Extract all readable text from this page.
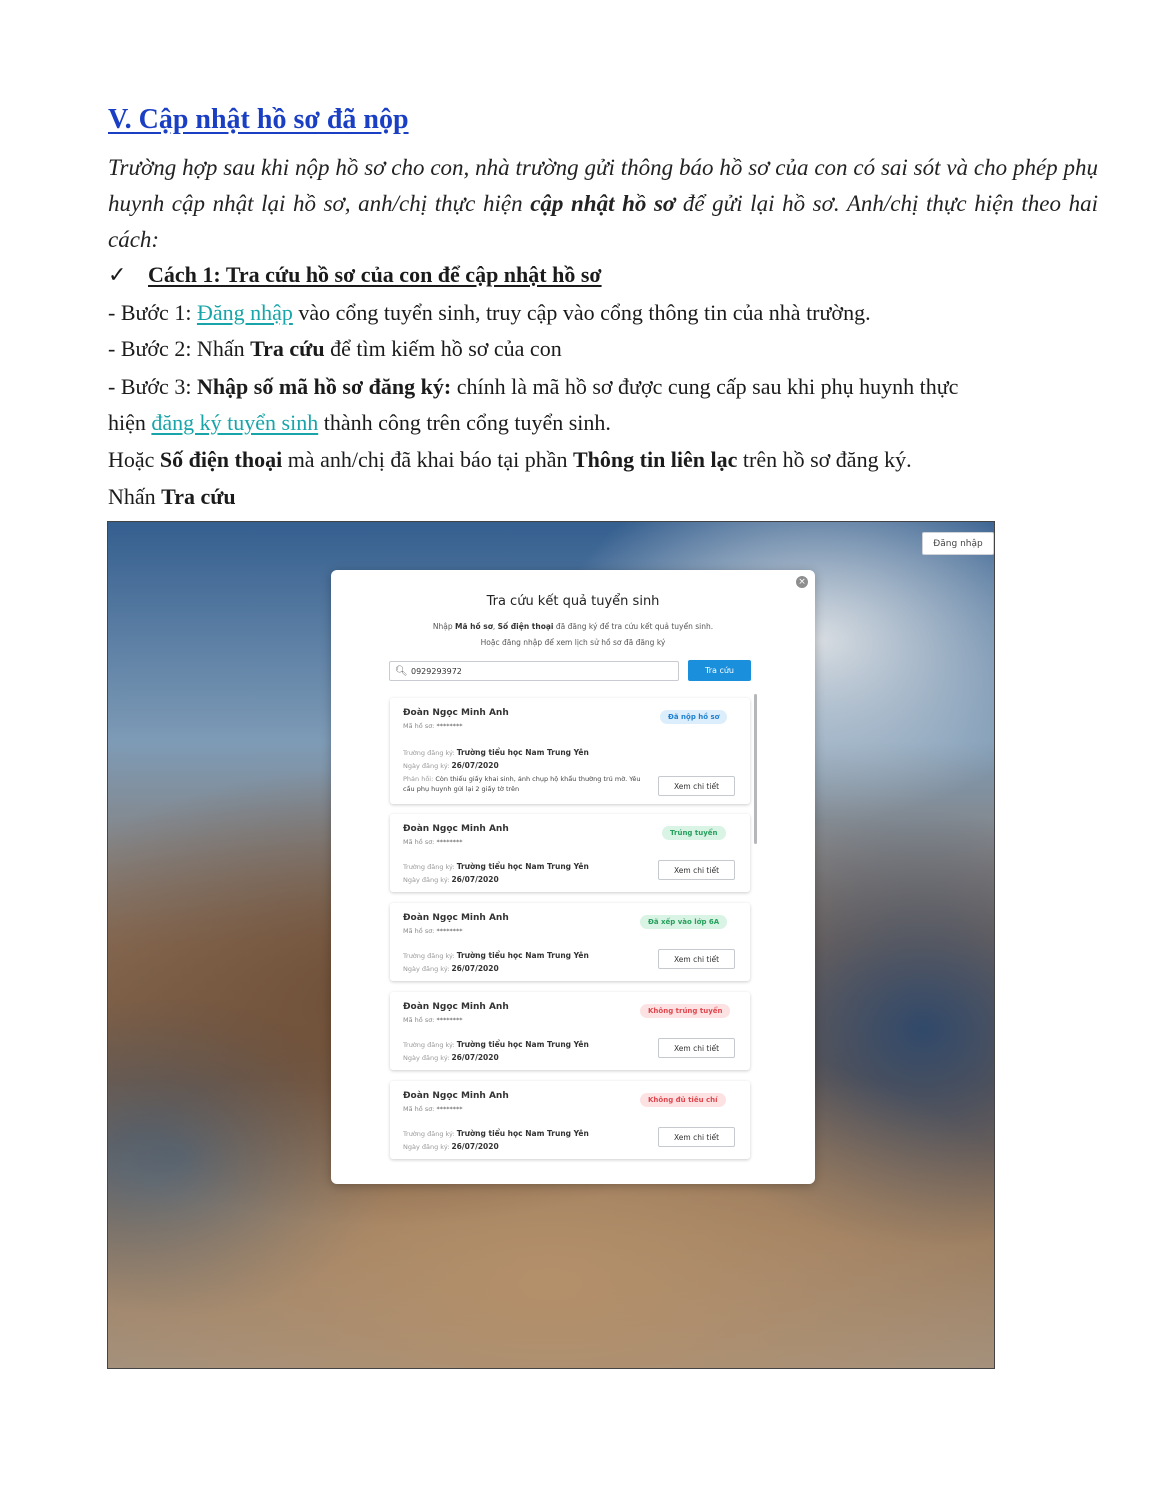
V. Cập nhật hồ sơ đã nộp

Trường hợp sau khi nộp hồ sơ cho con, nhà trường gửi thông báo hồ sơ của con có sai sót và cho phép phụ huynh cập nhật lại hồ sơ, anh/chị thực hiện cập nhật hồ sơ để gửi lại hồ sơ. Anh/chị thực hiện theo hai cách:

✓ Cách 1: Tra cứu hồ sơ của con để cập nhật hồ sơ
- Bước 1: Đăng nhập vào cổng tuyển sinh, truy cập vào cổng thông tin của nhà trường.
- Bước 2: Nhấn Tra cứu để tìm kiếm hồ sơ của con
- Bước 3: Nhập số mã hồ sơ đăng ký: chính là mã hồ sơ được cung cấp sau khi phụ huynh thực
hiện đăng ký tuyển sinh thành công trên cổng tuyển sinh.
Hoặc Số điện thoại mà anh/chị đã khai báo tại phần Thông tin liên lạc trên hồ sơ đăng ký.
Nhấn Tra cứu
Đăng nhập
×
Tra cứu kết quả tuyển sinh
Nhập Mã hồ sơ, Số điện thoại đã đăng ký để tra cứu kết quả tuyển sinh.
Hoặc đăng nhập để xem lịch sử hồ sơ đã đăng ký
🔍︎
0929293972	Tra cứu
Đoàn Ngọc Minh Anh
Mã hồ sơ: ********
Đã nộp hồ sơ
Trường đăng ký: Trường tiểu học Nam Trung Yên
Ngày đăng ký: 26/07/2020
Phản hồi: Còn thiếu giấy khai sinh, ảnh chụp hộ khẩu thường trú mờ. Yêu cầu phụ huynh gửi lại 2 giấy tờ trên	Xem chi tiết
Đoàn Ngọc Minh Anh
Mã hồ sơ: ********
Trúng tuyển
Trường đăng ký: Trường tiểu học Nam Trung Yên
Ngày đăng ký: 26/07/2020
Xem chi tiết
Đoàn Ngọc Minh Anh
Mã hồ sơ: ********
Đã xếp vào lớp 6A
Trường đăng ký: Trường tiểu học Nam Trung Yên
Ngày đăng ký: 26/07/2020
Xem chi tiết
Đoàn Ngọc Minh Anh
Mã hồ sơ: ********
Không trúng tuyển
Trường đăng ký: Trường tiểu học Nam Trung Yên
Ngày đăng ký: 26/07/2020
Xem chi tiết
Đoàn Ngọc Minh Anh
Mã hồ sơ: ********
Không đủ tiêu chí
Trường đăng ký: Trường tiểu học Nam Trung Yên
Ngày đăng ký: 26/07/2020
Xem chi tiết
